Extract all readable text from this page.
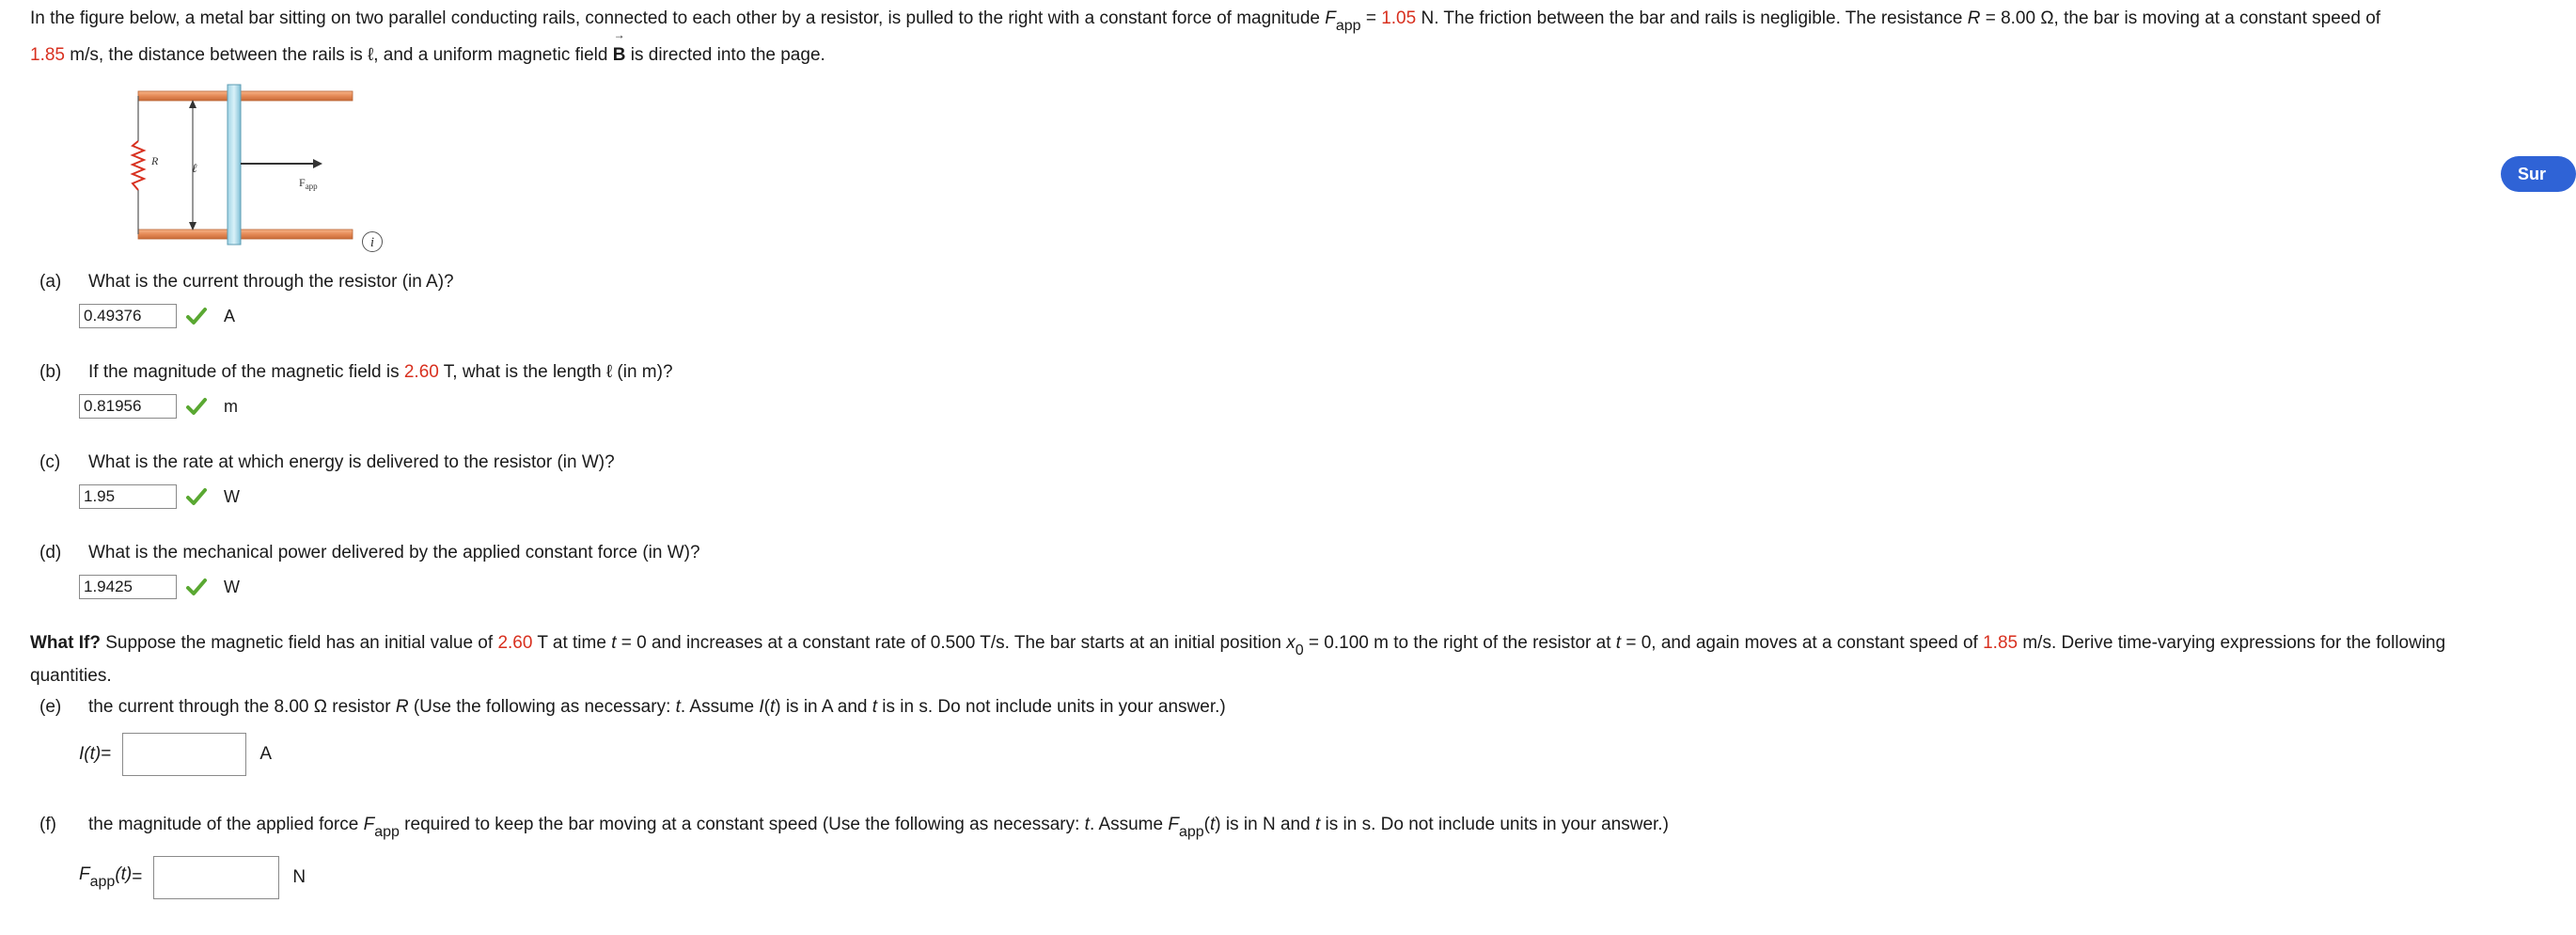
In the figure below, a metal bar sitting on two parallel conducting rails, connected to each other by a resistor, is pulled to the right with a constant force of magnitude $F_{app} = 1.05$ N. The friction between the bar and rails is negligible. The resistance R = 8.00 Ω, the bar is moving at a constant speed of
1.85 m/s, the distance between the rails is ℓ, and a uniform magnetic field
→
B is directed into the page.
R	ℓ
$F_{app}$
i
(a) What is the current through the resistor (in A)?
0.49376	A
(b) If the magnitude of the magnetic field is 2.60 T, what is the length ℓ (in m)?
0.81956	m
(c) What is the rate at which energy is delivered to the resistor (in W)?
1.95	W
(d) What is the mechanical power delivered by the applied constant force (in W)?
1.9425	W
What If? Suppose the magnetic field has an initial value of 2.60 T at time t = 0 and increases at a constant rate of 0.500 T/s. The bar starts at an initial position $x_0 = 0.100$ m to the right of the resistor at t = 0, and again moves at a constant speed of 1.85 m/s. Derive time-varying expressions for the following quantities.
(e) the current through the 8.00 Ω resistor R (Use the following as necessary: t. Assume I(t) is in A and t is in s. Do not include units in your answer.)
I(t) =	A
(f) the magnitude of the applied force $F_{app}$ required to keep the bar moving at a constant speed (Use the following as necessary: t. Assume $F_{app}(t)$ is in N and t is in s. Do not include units in your answer.)
$F_{app}(t)$ =	N
Sur
